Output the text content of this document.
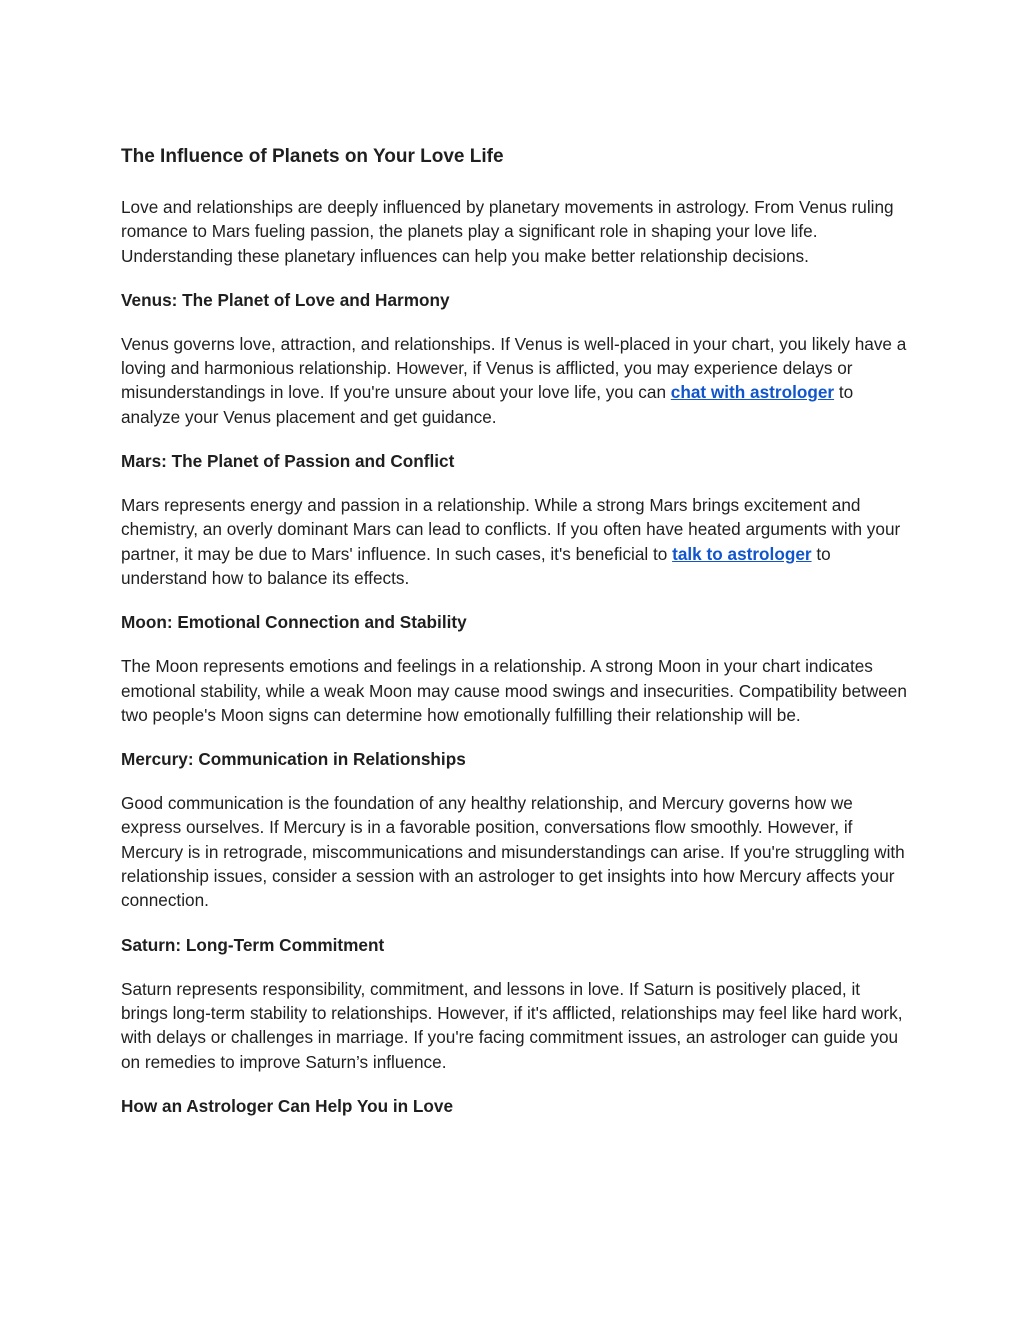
The Influence of Planets on Your Love Life

Love and relationships are deeply influenced by planetary movements in astrology. From Venus ruling romance to Mars fueling passion, the planets play a significant role in shaping your love life. Understanding these planetary influences can help you make better relationship decisions.

Venus: The Planet of Love and Harmony

Venus governs love, attraction, and relationships. If Venus is well-placed in your chart, you likely have a loving and harmonious relationship. However, if Venus is afflicted, you may experience delays or misunderstandings in love. If you're unsure about your love life, you can chat with astrologer to analyze your Venus placement and get guidance.

Mars: The Planet of Passion and Conflict

Mars represents energy and passion in a relationship. While a strong Mars brings excitement and chemistry, an overly dominant Mars can lead to conflicts. If you often have heated arguments with your partner, it may be due to Mars' influence. In such cases, it's beneficial to talk to astrologer to understand how to balance its effects.

Moon: Emotional Connection and Stability

The Moon represents emotions and feelings in a relationship. A strong Moon in your chart indicates emotional stability, while a weak Moon may cause mood swings and insecurities. Compatibility between two people's Moon signs can determine how emotionally fulfilling their relationship will be.

Mercury: Communication in Relationships

Good communication is the foundation of any healthy relationship, and Mercury governs how we express ourselves. If Mercury is in a favorable position, conversations flow smoothly. However, if Mercury is in retrograde, miscommunications and misunderstandings can arise. If you're struggling with relationship issues, consider a session with an astrologer to get insights into how Mercury affects your connection.

Saturn: Long-Term Commitment

Saturn represents responsibility, commitment, and lessons in love. If Saturn is positively placed, it brings long-term stability to relationships. However, if it's afflicted, relationships may feel like hard work, with delays or challenges in marriage. If you're facing commitment issues, an astrologer can guide you on remedies to improve Saturn’s influence.

How an Astrologer Can Help You in Love
